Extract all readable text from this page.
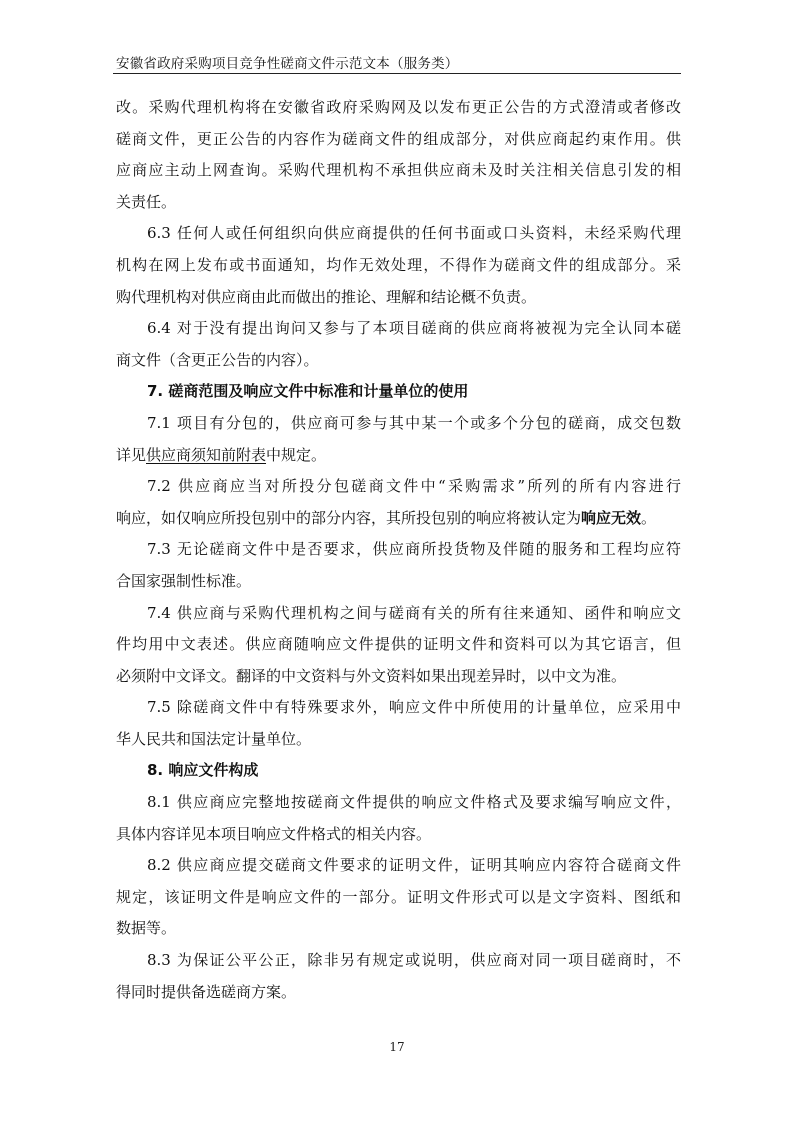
安徽省政府采购项目竞争性磋商文件示范文本（服务类）
改。采购代理机构将在安徽省政府采购网及以发布更正公告的方式澄清或者修改
磋商文件，更正公告的内容作为磋商文件的组成部分，对供应商起约束作用。供
应商应主动上网查询。采购代理机构不承担供应商未及时关注相关信息引发的相
关责任。
6.3 任何人或任何组织向供应商提供的任何书面或口头资料，未经采购代理
机构在网上发布或书面通知，均作无效处理，不得作为磋商文件的组成部分。采
购代理机构对供应商由此而做出的推论、理解和结论概不负责。
6.4 对于没有提出询问又参与了本项目磋商的供应商将被视为完全认同本磋
商文件（含更正公告的内容）。
7. 磋商范围及响应文件中标准和计量单位的使用
7.1 项目有分包的，供应商可参与其中某一个或多个分包的磋商，成交包数
详见供应商须知前附表中规定。
7.2 供应商应当对所投分包磋商文件中“采购需求”所列的所有内容进行
响应，如仅响应所投包别中的部分内容，其所投包别的响应将被认定为响应无效。
7.3 无论磋商文件中是否要求，供应商所投货物及伴随的服务和工程均应符
合国家强制性标准。
7.4 供应商与采购代理机构之间与磋商有关的所有往来通知、函件和响应文
件均用中文表述。供应商随响应文件提供的证明文件和资料可以为其它语言，但
必须附中文译文。翻译的中文资料与外文资料如果出现差异时，以中文为准。
7.5 除磋商文件中有特殊要求外，响应文件中所使用的计量单位，应采用中
华人民共和国法定计量单位。
8. 响应文件构成
8.1 供应商应完整地按磋商文件提供的响应文件格式及要求编写响应文件，
具体内容详见本项目响应文件格式的相关内容。
8.2 供应商应提交磋商文件要求的证明文件，证明其响应内容符合磋商文件
规定，该证明文件是响应文件的一部分。证明文件形式可以是文字资料、图纸和
数据等。
8.3 为保证公平公正，除非另有规定或说明，供应商对同一项目磋商时，不
得同时提供备选磋商方案。
17
